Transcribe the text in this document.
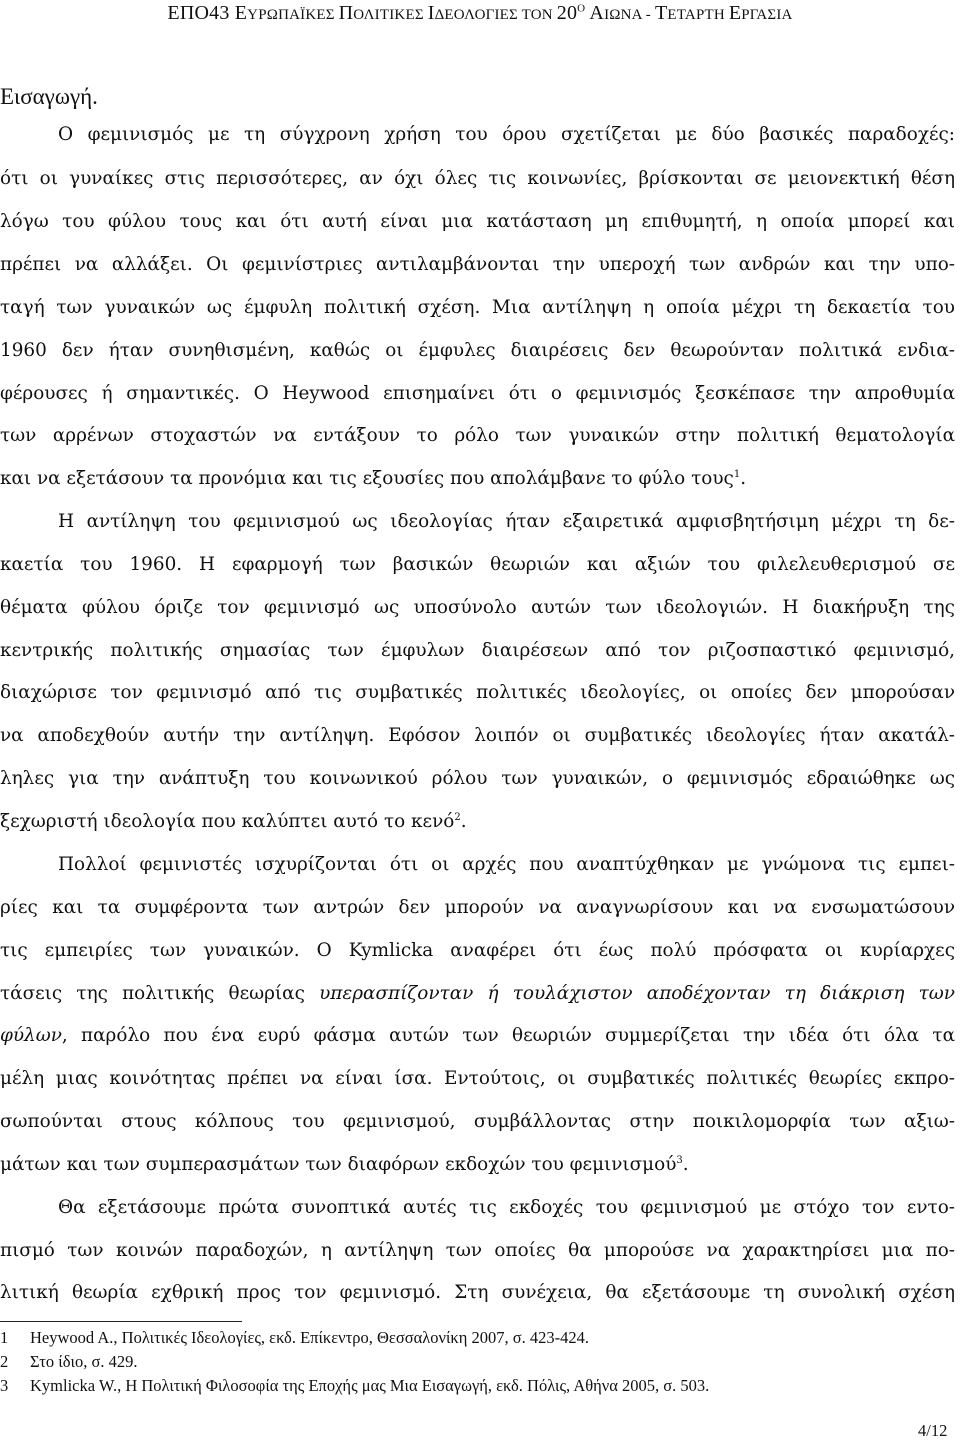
ΕΠΟ43 ΕΥΡΩΠΑΪΚΕΣ ΠΟΛΙΤΙΚΕΣ ΙΔΕΟΛΟΓΙΕΣ ΤΟΝ $20^O$ ΑΙΩΝΑ - ΤΕΤΑΡΤΗ ΕΡΓΑΣΙΑ
Εισαγωγή.
Ο φεμινισμός με τη σύγχρονη χρήση του όρου σχετίζεται με δύο βασικές παραδοχές:
ότι οι γυναίκες στις περισσότερες, αν όχι όλες τις κοινωνίες, βρίσκονται σε μειονεκτική θέση
λόγω του φύλου τους και ότι αυτή είναι μια κατάσταση μη επιθυμητή, η οποία μπορεί και
πρέπει να αλλάξει. Οι φεμινίστριες αντιλαμβάνονται την υπεροχή των ανδρών και την υπο-
ταγή των γυναικών ως έμφυλη πολιτική σχέση. Μια αντίληψη η οποία μέχρι τη δεκαετία του
1960 δεν ήταν συνηθισμένη, καθώς οι έμφυλες διαιρέσεις δεν θεωρούνταν πολιτικά ενδια-
φέρουσες ή σημαντικές. Ο Heywood επισημαίνει ότι ο φεμινισμός ξεσκέπασε την απροθυμία
των αρρένων στοχαστών να εντάξουν το ρόλο των γυναικών στην πολιτική θεματολογία
και να εξετάσουν τα προνόμια και τις εξουσίες που απολάμβανε το φύλο τους$^1$.
Η αντίληψη του φεμινισμού ως ιδεολογίας ήταν εξαιρετικά αμφισβητήσιμη μέχρι τη δε-
καετία του 1960. Η εφαρμογή των βασικών θεωριών και αξιών του φιλελευθερισμού σε
θέματα φύλου όριζε τον φεμινισμό ως υποσύνολο αυτών των ιδεολογιών. Η διακήρυξη της
κεντρικής πολιτικής σημασίας των έμφυλων διαιρέσεων από τον ριζοσπαστικό φεμινισμό,
διαχώρισε τον φεμινισμό από τις συμβατικές πολιτικές ιδεολογίες, οι οποίες δεν μπορούσαν
να αποδεχθούν αυτήν την αντίληψη. Εφόσον λοιπόν οι συμβατικές ιδεολογίες ήταν ακατάλ-
ληλες για την ανάπτυξη του κοινωνικού ρόλου των γυναικών, ο φεμινισμός εδραιώθηκε ως
ξεχωριστή ιδεολογία που καλύπτει αυτό το κενό$^2$.
Πολλοί φεμινιστές ισχυρίζονται ότι οι αρχές που αναπτύχθηκαν με γνώμονα τις εμπει-
ρίες και τα συμφέροντα των αντρών δεν μπορούν να αναγνωρίσουν και να ενσωματώσουν
τις εμπειρίες των γυναικών. Ο Kymlicka αναφέρει ότι έως πολύ πρόσφατα οι κυρίαρχες
τάσεις της πολιτικής θεωρίας υπερασπίζονταν ή τουλάχιστον αποδέχονταν τη διάκριση των
φύλων, παρόλο που ένα ευρύ φάσμα αυτών των θεωριών συμμερίζεται την ιδέα ότι όλα τα
μέλη μιας κοινότητας πρέπει να είναι ίσα. Εντούτοις, οι συμβατικές πολιτικές θεωρίες εκπρο-
σωπούνται στους κόλπους του φεμινισμού, συμβάλλοντας στην ποικιλομορφία των αξιω-
μάτων και των συμπερασμάτων των διαφόρων εκδοχών του φεμινισμού$^3$.
Θα εξετάσουμε πρώτα συνοπτικά αυτές τις εκδοχές του φεμινισμού με στόχο τον εντο-
πισμό των κοινών παραδοχών, η αντίληψη των οποίες θα μπορούσε να χαρακτηρίσει μια πο-
λιτική θεωρία εχθρική προς τον φεμινισμό. Στη συνέχεια, θα εξετάσουμε τη συνολική σχέση
1 Heywood A., Πολιτικές Ιδεολογίες, εκδ. Επίκεντρο, Θεσσαλονίκη 2007, σ. 423-424.
2 Στο ίδιο, σ. 429.
3 Kymlicka W., Η Πολιτική Φιλοσοφία της Εποχής μας Μια Εισαγωγή, εκδ. Πόλις, Αθήνα 2005, σ. 503.
4/12
